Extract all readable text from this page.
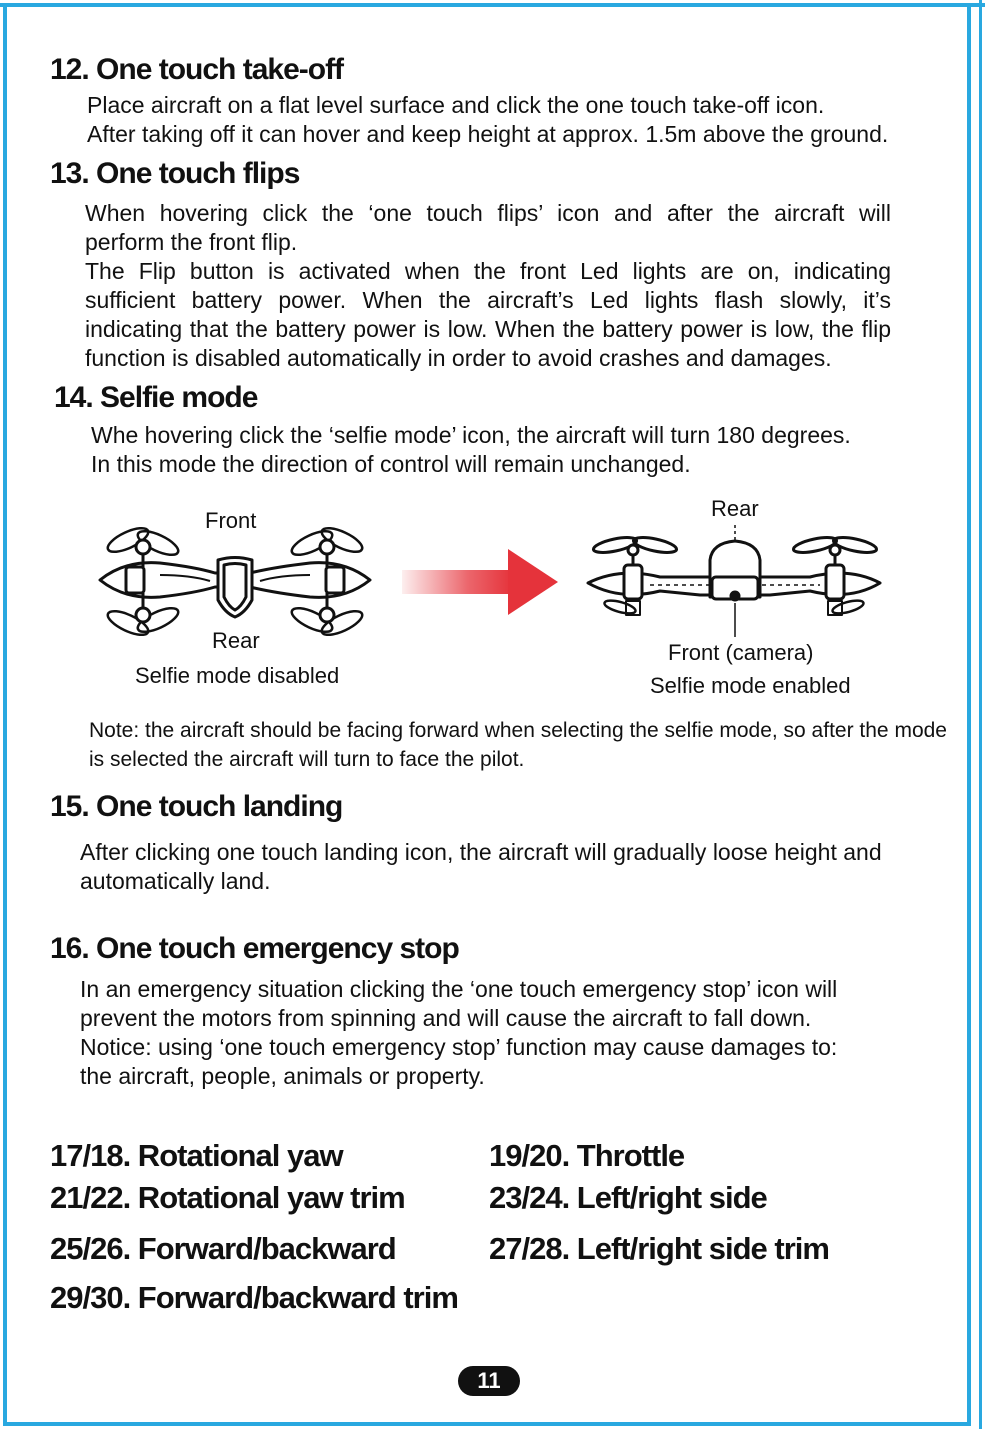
12. One touch take-off
Place aircraft on a flat level surface and click the one touch take-off icon.
After taking off it can hover and keep height at approx. 1.5m above the ground.
13. One touch flips
When hovering click the ‘one touch flips’ icon and after the aircraft will
perform the front flip.
The Flip button is activated when the front Led lights are on, indicating
sufficient battery power. When the aircraft’s Led lights flash slowly, it’s
indicating that the battery power is low. When the battery power is low, the flip
function is disabled automatically in order to avoid crashes and damages.
14. Selfie mode
Whe hovering click the ‘selfie mode’ icon, the aircraft will turn 180 degrees.
In this mode the direction of control will remain unchanged.
Front
Rear
Selfie mode disabled
Rear
Front (camera)
Selfie mode enabled
Note: the aircraft should be facing forward when selecting the selfie mode, so after the mode
is selected the aircraft will turn to face the pilot.
15. One touch landing
After clicking one touch landing icon, the aircraft will gradually loose height and
automatically land.
16. One touch emergency stop
In an emergency situation clicking the ‘one touch emergency stop’ icon will
prevent the motors from spinning and will cause the aircraft to fall down.
Notice: using ‘one touch emergency stop’ function may cause damages to:
the aircraft, people, animals or property.
17/18. Rotational yaw
21/22. Rotational yaw trim
25/26. Forward/backward
29/30. Forward/backward trim
19/20. Throttle
23/24. Left/right side
27/28. Left/right side trim
11
